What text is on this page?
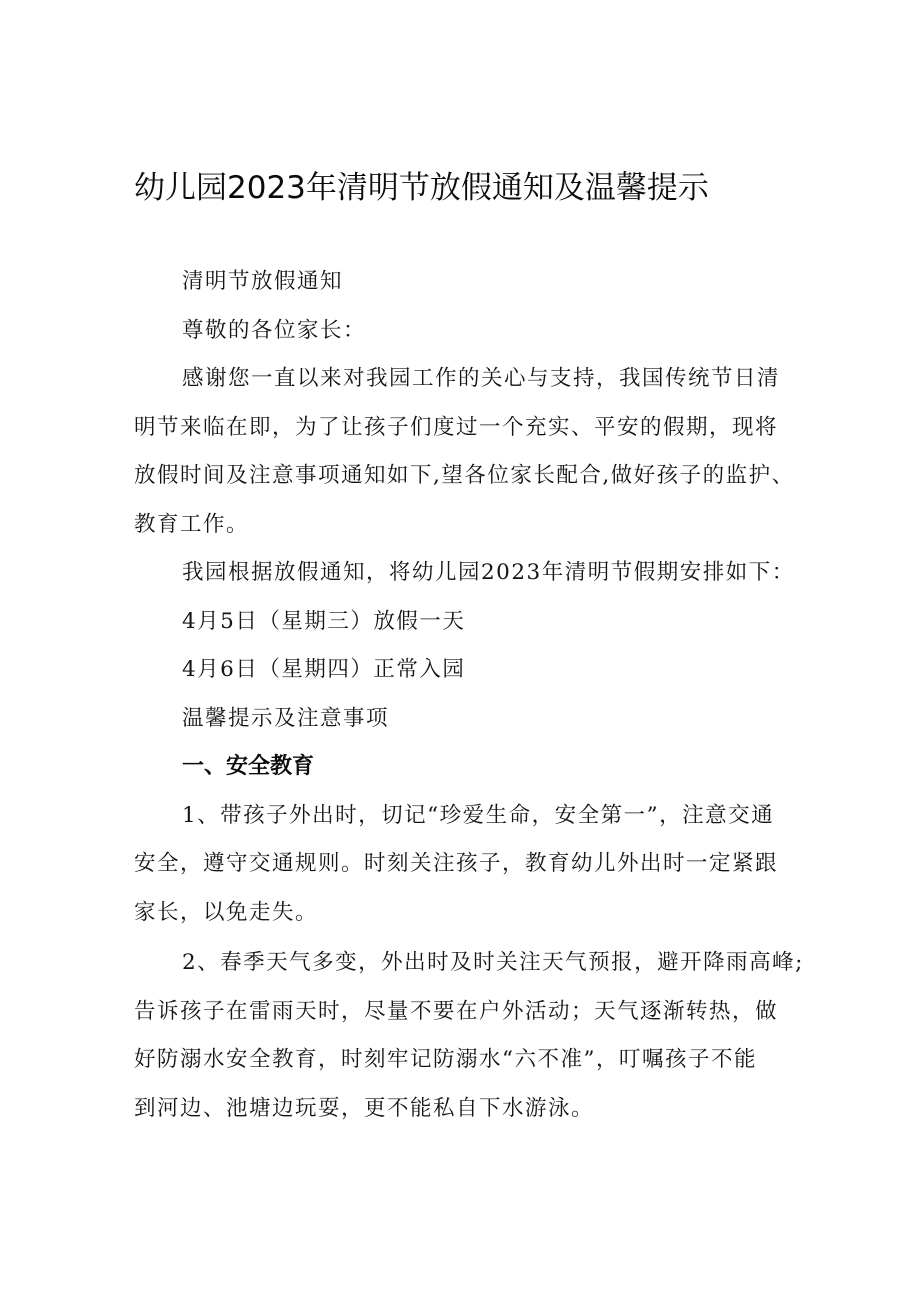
幼儿园2023年清明节放假通知及温馨提示

清明节放假通知

尊敬的各位家长：

感谢您一直以来对我园工作的关心与支持，我国传统节日清

明节来临在即，为了让孩子们度过一个充实、平安的假期，现将

放假时间及注意事项通知如下,望各位家长配合,做好孩子的监护、

教育工作。

我园根据放假通知，将幼儿园2023年清明节假期安排如下：

4月5日（星期三）放假一天

4月6日（星期四）正常入园

温馨提示及注意事项

一、安全教育

1、带孩子外出时，切记“珍爱生命，安全第一”，注意交通

安全，遵守交通规则。时刻关注孩子，教育幼儿外出时一定紧跟

家长，以免走失。

2、春季天气多变，外出时及时关注天气预报，避开降雨高峰;

告诉孩子在雷雨天时，尽量不要在户外活动；天气逐渐转热，做

好防溺水安全教育，时刻牢记防溺水“六不准”，叮嘱孩子不能

到河边、池塘边玩耍，更不能私自下水游泳。
